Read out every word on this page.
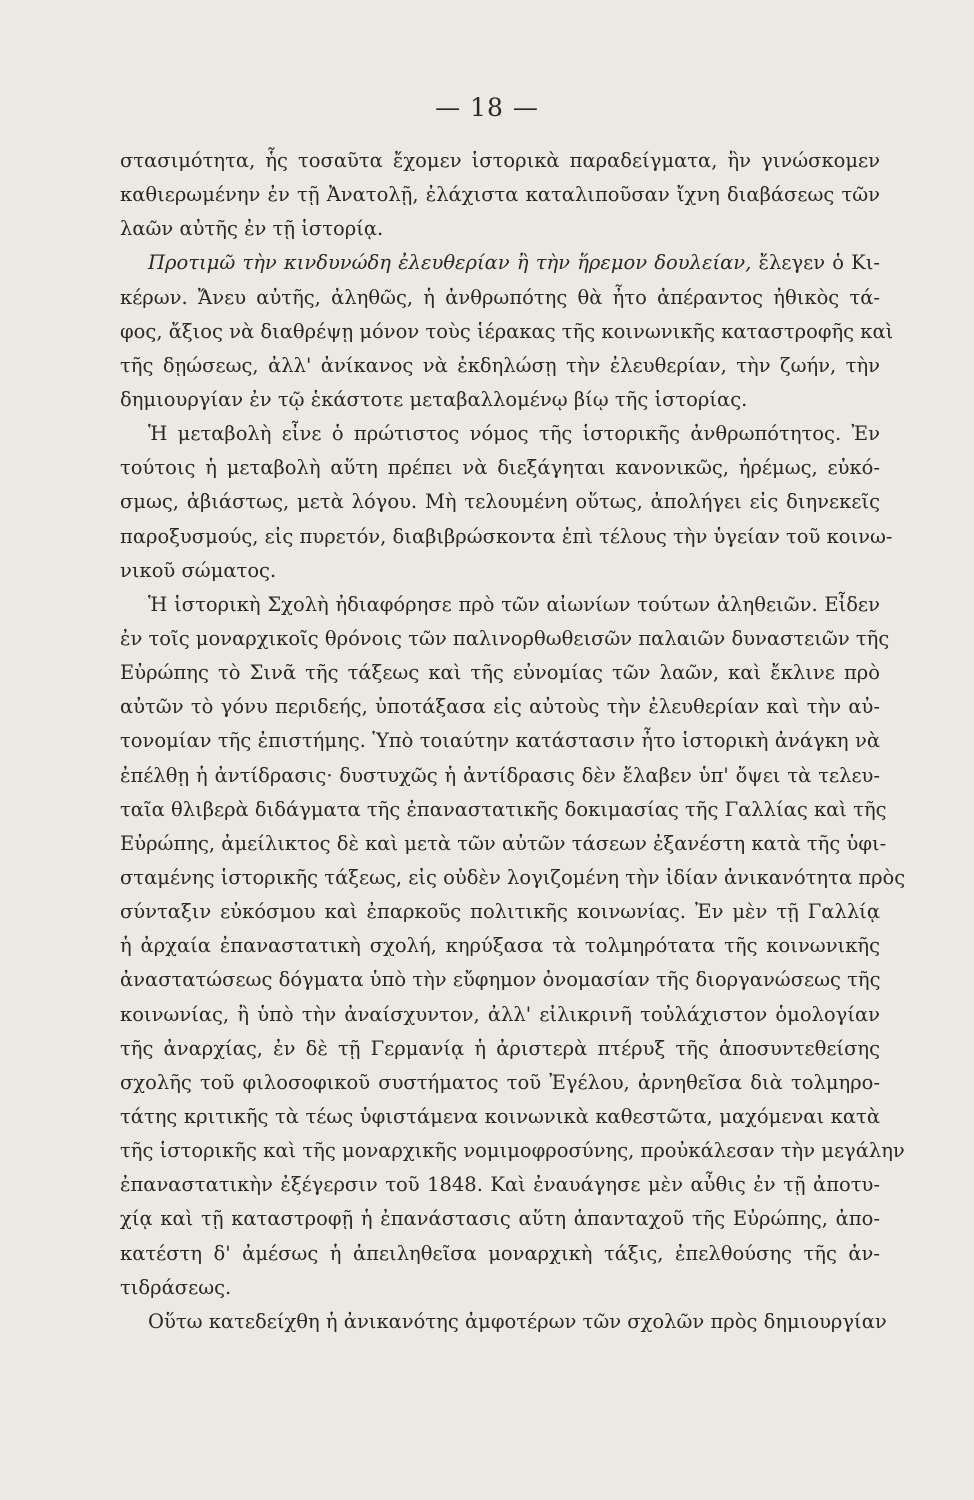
— 18 —
στασιμότητα, ἧς τοσαῦτα ἔχομεν ἱστορικὰ παραδείγματα, ἣν γινώσκομεν
καθιερωμένην ἐν τῇ Ἀνατολῇ, ἐλάχιστα καταλιποῦσαν ἴχνη διαβάσεως τῶν
λαῶν αὐτῆς ἐν τῇ ἱστορίᾳ.
Προτιμῶ τὴν κινδυνώδη ἐλευθερίαν ἢ τὴν ἥρεμον δουλείαν, ἔλεγεν ὁ Κι-
κέρων. Ἄνευ αὐτῆς, ἀληθῶς, ἡ ἀνθρωπότης θὰ ἦτο ἀπέραντος ἠθικὸς τά-
φος, ἄξιος νὰ διαθρέψῃ μόνον τοὺς ἱέρακας τῆς κοινωνικῆς καταστροφῆς καὶ
τῆς δῃώσεως, ἀλλ' ἀνίκανος νὰ ἐκδηλώσῃ τὴν ἐλευθερίαν, τὴν ζωήν, τὴν
δημιουργίαν ἐν τῷ ἑκάστοτε μεταβαλλομένῳ βίῳ τῆς ἱστορίας.
Ἡ μεταβολὴ εἶνε ὁ πρώτιστος νόμος τῆς ἱστορικῆς ἀνθρωπότητος. Ἐν
τούτοις ἡ μεταβολὴ αὕτη πρέπει νὰ διεξάγηται κανονικῶς, ἠρέμως, εὐκό-
σμως, ἀβιάστως, μετὰ λόγου. Μὴ τελουμένη οὕτως, ἀπολήγει εἰς διηνεκεῖς
παροξυσμούς, εἰς πυρετόν, διαβιβρώσκοντα ἐπὶ τέλους τὴν ὑγείαν τοῦ κοινω-
νικοῦ σώματος.
Ἡ ἱστορικὴ Σχολὴ ἠδιαφόρησε πρὸ τῶν αἰωνίων τούτων ἀληθειῶν. Εἶδεν
ἐν τοῖς μοναρχικοῖς θρόνοις τῶν παλινορθωθεισῶν παλαιῶν δυναστειῶν τῆς
Εὐρώπης τὸ Σινᾶ τῆς τάξεως καὶ τῆς εὐνομίας τῶν λαῶν, καὶ ἔκλινε πρὸ
αὐτῶν τὸ γόνυ περιδεής, ὑποτάξασα εἰς αὐτοὺς τὴν ἐλευθερίαν καὶ τὴν αὐ-
τονομίαν τῆς ἐπιστήμης. Ὑπὸ τοιαύτην κατάστασιν ἦτο ἱστορικὴ ἀνάγκη νὰ
ἐπέλθῃ ἡ ἀντίδρασις· δυστυχῶς ἡ ἀντίδρασις δὲν ἔλαβεν ὑπ' ὄψει τὰ τελευ-
ταῖα θλιβερὰ διδάγματα τῆς ἐπαναστατικῆς δοκιμασίας τῆς Γαλλίας καὶ τῆς
Εὐρώπης, ἀμείλικτος δὲ καὶ μετὰ τῶν αὐτῶν τάσεων ἐξανέστη κατὰ τῆς ὑφι-
σταμένης ἱστορικῆς τάξεως, εἰς οὐδὲν λογιζομένη τὴν ἰδίαν ἀνικανότητα πρὸς
σύνταξιν εὐκόσμου καὶ ἐπαρκοῦς πολιτικῆς κοινωνίας. Ἐν μὲν τῇ Γαλλίᾳ
ἡ ἀρχαία ἐπαναστατικὴ σχολή, κηρύξασα τὰ τολμηρότατα τῆς κοινωνικῆς
ἀναστατώσεως δόγματα ὑπὸ τὴν εὔφημον ὀνομασίαν τῆς διοργανώσεως τῆς
κοινωνίας, ἢ ὑπὸ τὴν ἀναίσχυντον, ἀλλ' εἰλικρινῆ τοὐλάχιστον ὁμολογίαν
τῆς ἀναρχίας, ἐν δὲ τῇ Γερμανίᾳ ἡ ἀριστερὰ πτέρυξ τῆς ἀποσυντεθείσης
σχολῆς τοῦ φιλοσοφικοῦ συστήματος τοῦ Ἐγέλου, ἀρνηθεῖσα διὰ τολμηρο-
τάτης κριτικῆς τὰ τέως ὑφιστάμενα κοινωνικὰ καθεστῶτα, μαχόμεναι κατὰ
τῆς ἱστορικῆς καὶ τῆς μοναρχικῆς νομιμοφροσύνης, προὐκάλεσαν τὴν μεγάλην
ἐπαναστατικὴν ἐξέγερσιν τοῦ 1848. Καὶ ἐναυάγησε μὲν αὖθις ἐν τῇ ἀποτυ-
χίᾳ καὶ τῇ καταστροφῇ ἡ ἐπανάστασις αὕτη ἁπανταχοῦ τῆς Εὐρώπης, ἀπο-
κατέστη δ' ἀμέσως ἡ ἀπειληθεῖσα μοναρχικὴ τάξις, ἐπελθούσης τῆς ἀν-
τιδράσεως.
Οὕτω κατεδείχθη ἡ ἀνικανότης ἀμφοτέρων τῶν σχολῶν πρὸς δημιουργίαν
